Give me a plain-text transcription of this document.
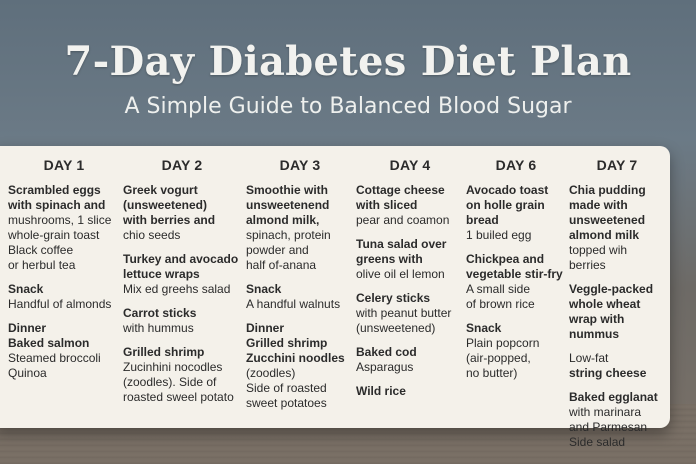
7-Day Diabetes Diet Plan
A Simple Guide to Balanced Blood Sugar
DAY 1
Scrambled eggs
with spinach and
mushrooms, 1 slice
whole-grain toast
Black coffee
or herbul tea
Snack
Handful of almonds
Dinner
Baked salmon
Steamed broccoli
Quinoa
DAY 2
Greek vogurt
(unsweetened)
with berries and
chio seeds
Turkey and avocado
lettuce wraps
Mix ed greehs salad
Carrot sticks
with hummus
Grilled shrimp
Zucinhini nocodles
(zoodles). Side of
roasted sweel potato
DAY 3
Smoothie with
unsweetenend
almond milk,
spinach, protein
powder and
half of-anana
Snack
A handful walnuts
Dinner
Grilled shrimp
Zucchini noodles
(zoodles)
Side of roasted
sweet potatoes
DAY 4
Cottage cheese
with sliced
pear and coamon
Tuna salad over
greens with
olive oil el lemon
Celery sticks
with peanut butter
(unsweetened)
Baked cod
Asparagus
Wild rice
DAY 6
Avocado toast
on holle grain
bread
1 builed egg
Chickpea and
vegetable stir-fry
A small side
of brown rice
Snack
Plain popcorn
(air-popped,
no butter)
DAY 7
Chia pudding
made with
unsweetened
almond milk
topped wih berries
Veggle-packed
whole wheat
wrap with nummus
Low-fat
string cheese
Baked egglanat
with marinara
and Parmesan
Side salad
